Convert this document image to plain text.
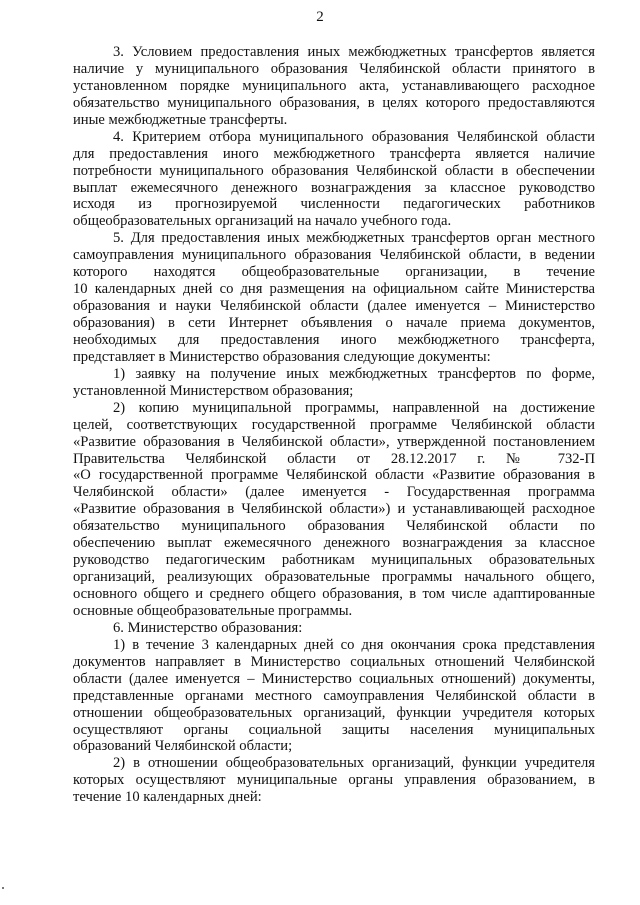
2
3. Условием предоставления иных межбюджетных трансфертов является
наличие у муниципального образования Челябинской области принятого в
установленном порядке муниципального акта, устанавливающего расходное
обязательство муниципального образования, в целях которого предоставляются
иные межбюджетные трансферты.
4. Критерием отбора муниципального образования Челябинской области
для предоставления иного межбюджетного трансферта является наличие
потребности муниципального образования Челябинской области в обеспечении
выплат ежемесячного денежного вознаграждения за классное руководство
исходя из прогнозируемой численности педагогических работников
общеобразовательных организаций на начало учебного года.
5. Для предоставления иных межбюджетных трансфертов орган местного
самоуправления муниципального образования Челябинской области, в ведении
которого находятся общеобразовательные организации, в течение
10 календарных дней со дня размещения на официальном сайте Министерства
образования и науки Челябинской области (далее именуется – Министерство
образования) в сети Интернет объявления о начале приема документов,
необходимых для предоставления иного межбюджетного трансферта,
представляет в Министерство образования следующие документы:
1) заявку на получение иных межбюджетных трансфертов по форме,
установленной Министерством образования;
2) копию муниципальной программы, направленной на достижение
целей, соответствующих государственной программе Челябинской области
«Развитие образования в Челябинской области», утвержденной постановлением
Правительства Челябинской области от 28.12.2017 г. № 732-П
«О государственной программе Челябинской области «Развитие образования в
Челябинской области» (далее именуется - Государственная программа
«Развитие образования в Челябинской области») и устанавливающей расходное
обязательство муниципального образования Челябинской области по
обеспечению выплат ежемесячного денежного вознаграждения за классное
руководство педагогическим работникам муниципальных образовательных
организаций, реализующих образовательные программы начального общего,
основного общего и среднего общего образования, в том числе адаптированные
основные общеобразовательные программы.
6. Министерство образования:
1) в течение 3 календарных дней со дня окончания срока представления
документов направляет в Министерство социальных отношений Челябинской
области (далее именуется – Министерство социальных отношений) документы,
представленные органами местного самоуправления Челябинской области в
отношении общеобразовательных организаций, функции учредителя которых
осуществляют органы социальной защиты населения муниципальных
образований Челябинской области;
2) в отношении общеобразовательных организаций, функции учредителя
которых осуществляют муниципальные органы управления образованием, в
течение 10 календарных дней:
